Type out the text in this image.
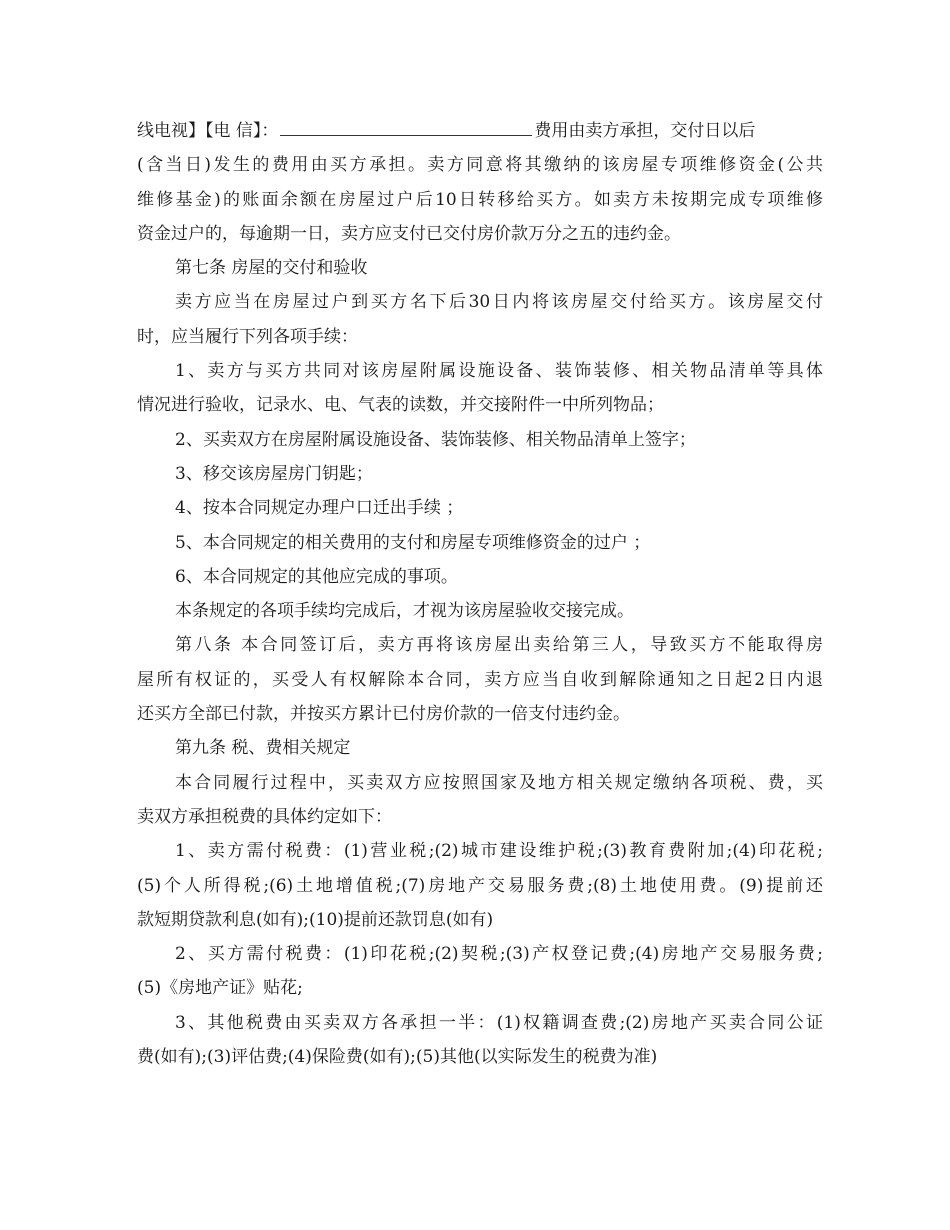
线电视】【电 信】：	费用由卖方承担，交付日以后
(含当日)发生的费用由买方承担。卖方同意将其缴纳的该房屋专项维修资金(公共
维修基金)的账面余额在房屋过户后10日转移给买方。如卖方未按期完成专项维修
资金过户的，每逾期一日，卖方应支付已交付房价款万分之五的违约金。
第七条 房屋的交付和验收
卖方应当在房屋过户到买方名下后30日内将该房屋交付给买方。该房屋交付
时，应当履行下列各项手续：
1、卖方与买方共同对该房屋附属设施设备、装饰装修、相关物品清单等具体
情况进行验收，记录水、电、气表的读数，并交接附件一中所列物品；
2、买卖双方在房屋附属设施设备、装饰装修、相关物品清单上签字；
3、移交该房屋房门钥匙；
4、按本合同规定办理户口迁出手续 ；
5、本合同规定的相关费用的支付和房屋专项维修资金的过户 ；
6、本合同规定的其他应完成的事项。
本条规定的各项手续均完成后，才视为该房屋验收交接完成。
第八条 本合同签订后，卖方再将该房屋出卖给第三人，导致买方不能取得房
屋所有权证的，买受人有权解除本合同，卖方应当自收到解除通知之日起2日内退
还买方全部已付款，并按买方累计已付房价款的一倍支付违约金。
第九条 税、费相关规定
本合同履行过程中，买卖双方应按照国家及地方相关规定缴纳各项税、费，买
卖双方承担税费的具体约定如下：
1、卖方需付税费：(1)营业税;(2)城市建设维护税;(3)教育费附加;(4)印花税;
(5)个人所得税;(6)土地增值税;(7)房地产交易服务费;(8)土地使用费。(9)提前还
款短期贷款利息(如有);(10)提前还款罚息(如有)
2、买方需付税费：(1)印花税;(2)契税;(3)产权登记费;(4)房地产交易服务费;
(5)《房地产证》贴花;
3、其他税费由买卖双方各承担一半：(1)权籍调查费;(2)房地产买卖合同公证
费(如有);(3)评估费;(4)保险费(如有);(5)其他(以实际发生的税费为准)
